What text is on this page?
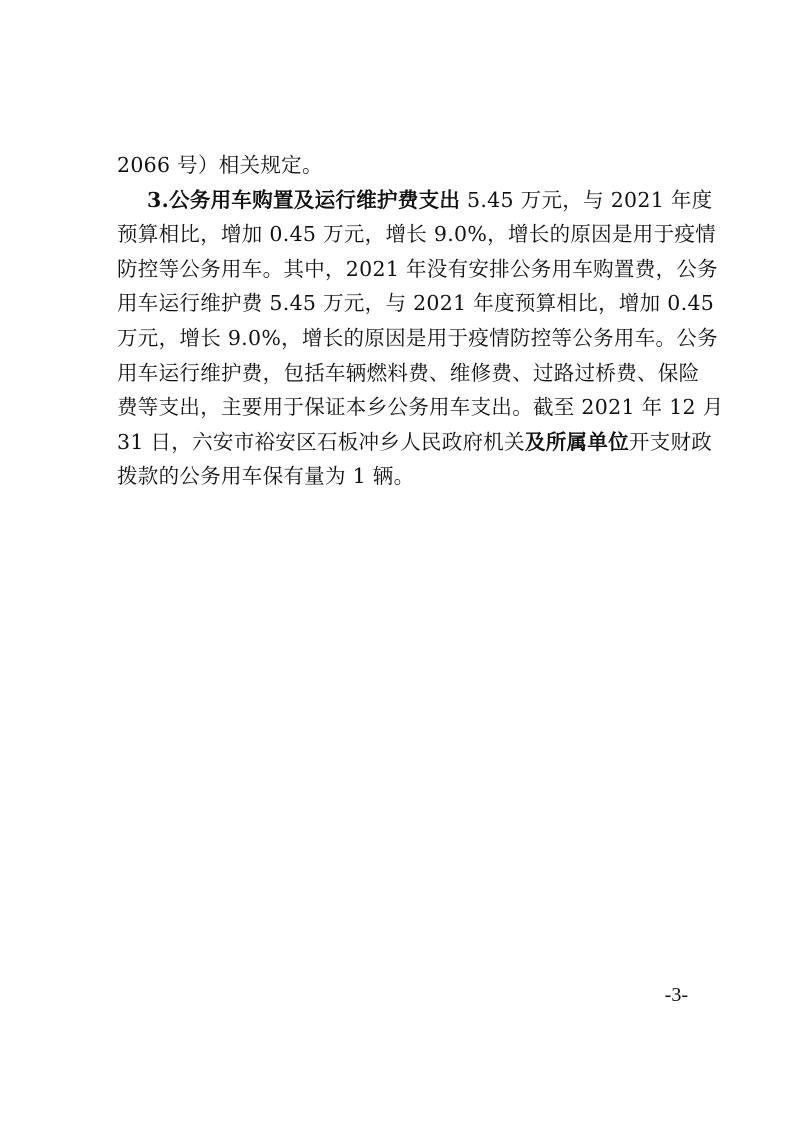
2066 号）相关规定。
3.公务用车购置及运行维护费支出 5.45 万元，与 2021 年度
预算相比，增加 0.45 万元，增长 9.0%，增长的原因是用于疫情
防控等公务用车。其中，2021 年没有安排公务用车购置费，公务
用车运行维护费 5.45 万元，与 2021 年度预算相比，增加 0.45
万元，增长 9.0%，增长的原因是用于疫情防控等公务用车。公务
用车运行维护费，包括车辆燃料费、维修费、过路过桥费、保险
费等支出，主要用于保证本乡公务用车支出。截至 2021 年 12 月
31 日，六安市裕安区石板冲乡人民政府机关及所属单位开支财政
拨款的公务用车保有量为 1 辆。
-3-
